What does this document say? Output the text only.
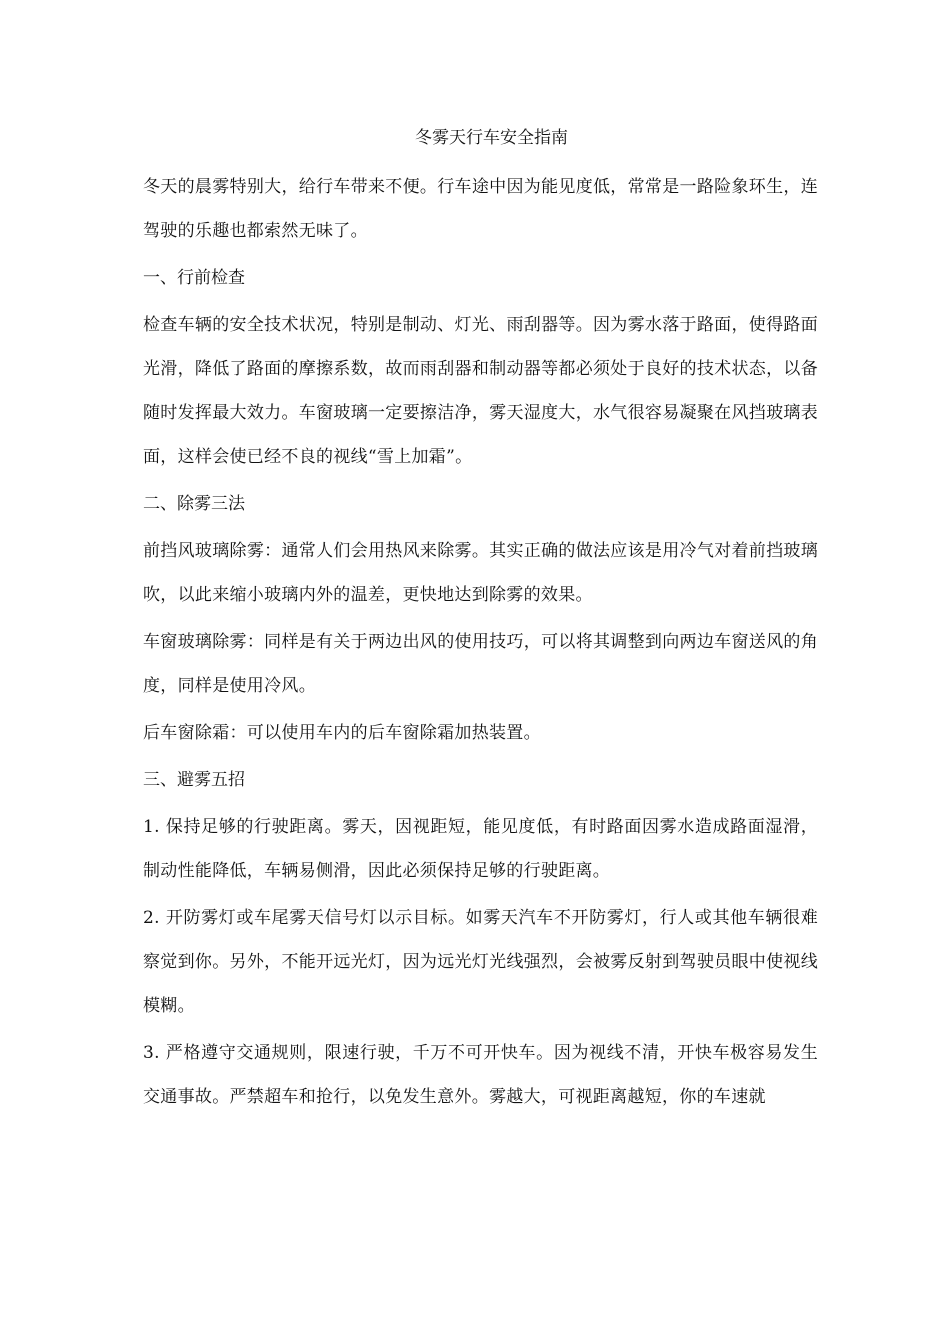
冬雾天行车安全指南

冬天的晨雾特别大，给行车带来不便。行车途中因为能见度低，常常是一路险象环生，连驾驶的乐趣也都索然无味了。

一、行前检查

检查车辆的安全技术状况，特别是制动、灯光、雨刮器等。因为雾水落于路面，使得路面光滑，降低了路面的摩擦系数，故而雨刮器和制动器等都必须处于良好的技术状态，以备随时发挥最大效力。车窗玻璃一定要擦洁净，雾天湿度大，水气很容易凝聚在风挡玻璃表面，这样会使已经不良的视线“雪上加霜”。

二、除雾三法

前挡风玻璃除雾：通常人们会用热风来除雾。其实正确的做法应该是用冷气对着前挡玻璃吹，以此来缩小玻璃内外的温差，更快地达到除雾的效果。

车窗玻璃除雾：同样是有关于两边出风的使用技巧，可以将其调整到向两边车窗送风的角度，同样是使用冷风。

后车窗除霜：可以使用车内的后车窗除霜加热装置。

三、避雾五招

1. 保持足够的行驶距离。雾天，因视距短，能见度低，有时路面因雾水造成路面湿滑，制动性能降低，车辆易侧滑，因此必须保持足够的行驶距离。

2. 开防雾灯或车尾雾天信号灯以示目标。如雾天汽车不开防雾灯，行人或其他车辆很难察觉到你。另外，不能开远光灯，因为远光灯光线强烈，会被雾反射到驾驶员眼中使视线模糊。

3. 严格遵守交通规则，限速行驶，千万不可开快车。因为视线不清，开快车极容易发生交通事故。严禁超车和抢行，以免发生意外。雾越大，可视距离越短，你的车速就
